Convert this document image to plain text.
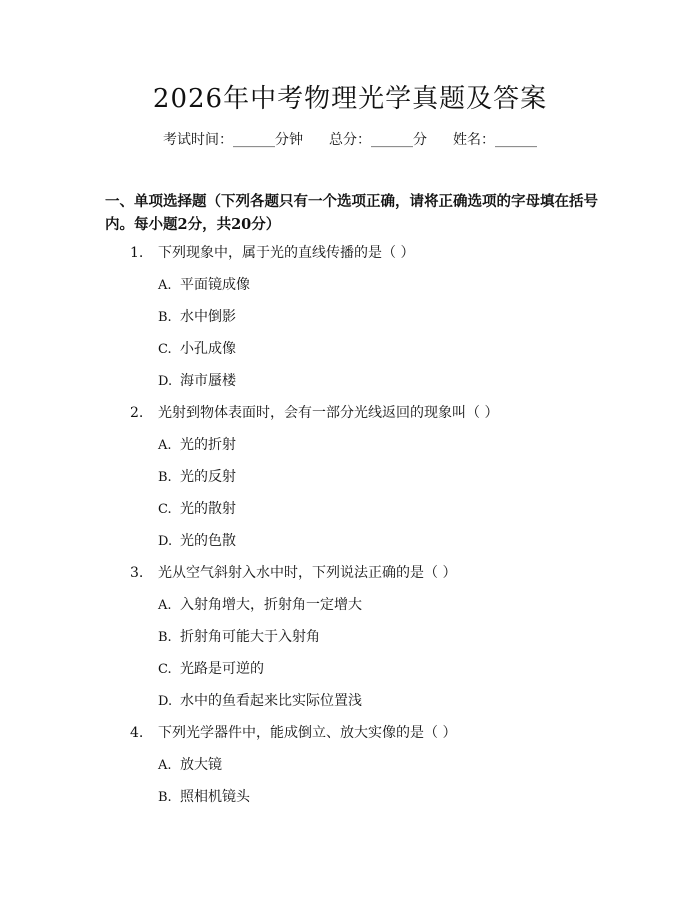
2026年中考物理光学真题及答案
考试时间：______分钟 总分：______分 姓名：______
一、单项选择题（下列各题只有一个选项正确，请将正确选项的字母填在括号内。每小题2分，共20分）
1.	下列现象中，属于光的直线传播的是（ ）
A. 平面镜成像
B. 水中倒影
C. 小孔成像
D. 海市蜃楼
2.	光射到物体表面时，会有一部分光线返回的现象叫（ ）
A. 光的折射
B. 光的反射
C. 光的散射
D. 光的色散
3.	光从空气斜射入水中时，下列说法正确的是（ ）
A. 入射角增大，折射角一定增大
B. 折射角可能大于入射角
C. 光路是可逆的
D. 水中的鱼看起来比实际位置浅
4.	下列光学器件中，能成倒立、放大实像的是（ ）
A. 放大镜
B. 照相机镜头
